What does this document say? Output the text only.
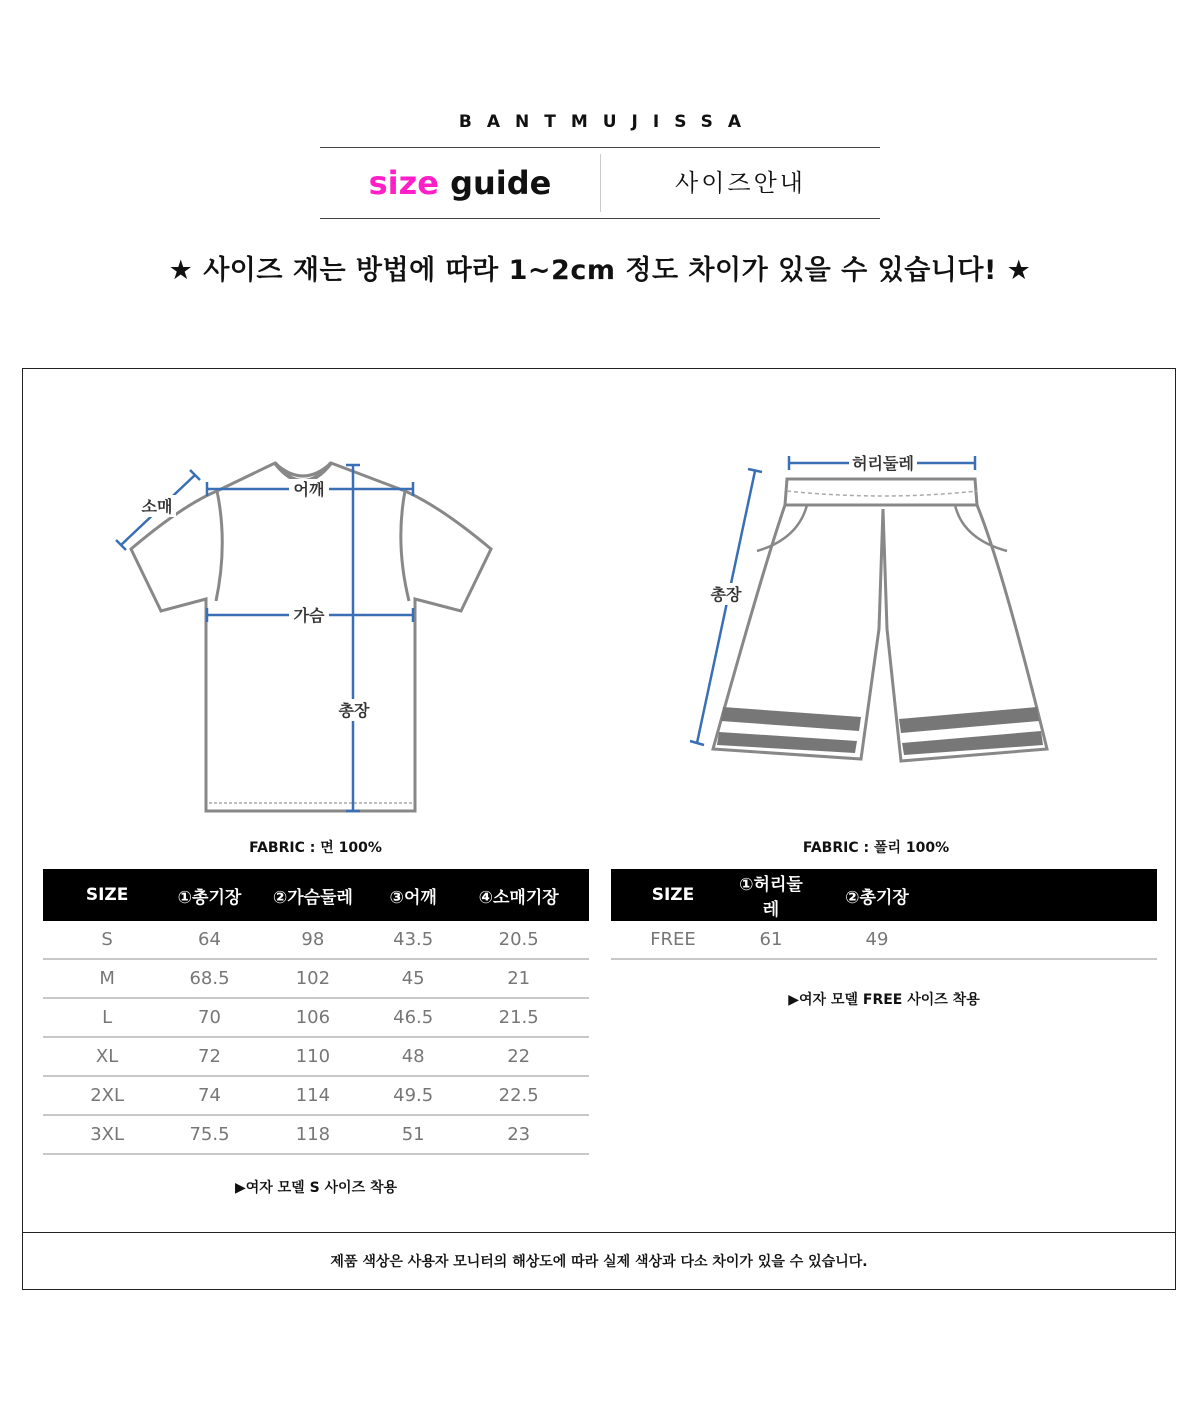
BANTMUJISSA
size guide	사이즈안내
★ 사이즈 재는 방법에 따라 1~2cm 정도 차이가 있을 수 있습니다! ★
소매
어깨
가슴
총장
허리둘레
총장
FABRIC : 면 100%	FABRIC : 폴리 100%
SIZE	①총기장	②가슴둘레	③어깨	④소매기장
S	64	98	43.5	20.5
M	68.5	102	45	21
L	70	106	46.5	21.5
XL	72	110	48	22
2XL	74	114	49.5	22.5
3XL	75.5	118	51	23
▶여자 모델 S 사이즈 착용
SIZE	①허리둘레	②총기장	
FREE	61	49	
▶여자 모델 FREE 사이즈 착용
제품 색상은 사용자 모니터의 해상도에 따라 실제 색상과 다소 차이가 있을 수 있습니다.
